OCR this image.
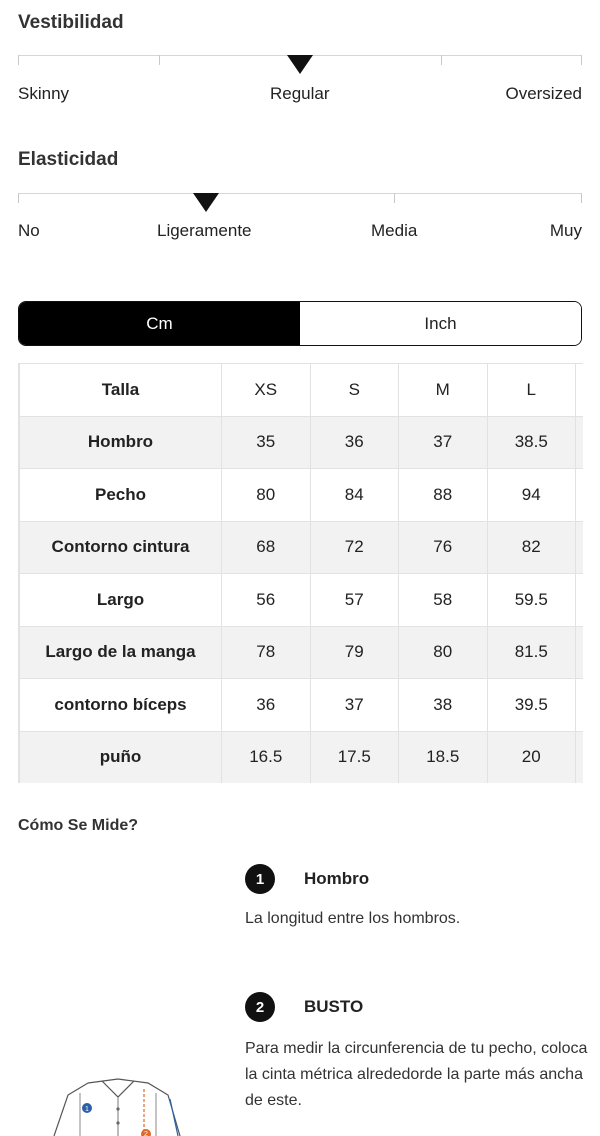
Vestibilidad
Skinny	Regular	Oversized
Elasticidad
No	Ligeramente	Media	Muy
Cm	Inch
Talla	XS	S	M	L	
Hombro	35	36	37	38.5	
Pecho	80	84	88	94	
Contorno cintura	68	72	76	82	
Largo	56	57	58	59.5	
Largo de la manga	78	79	80	81.5	
contorno bíceps	36	37	38	39.5	
puño	16.5	17.5	18.5	20	
Cómo Se Mide?
1	Hombro
La longitud entre los hombros.
2	BUSTO
Para medir la circunferencia de tu pecho, coloca la cinta métrica alrededorde la parte más ancha de este.
1
2
